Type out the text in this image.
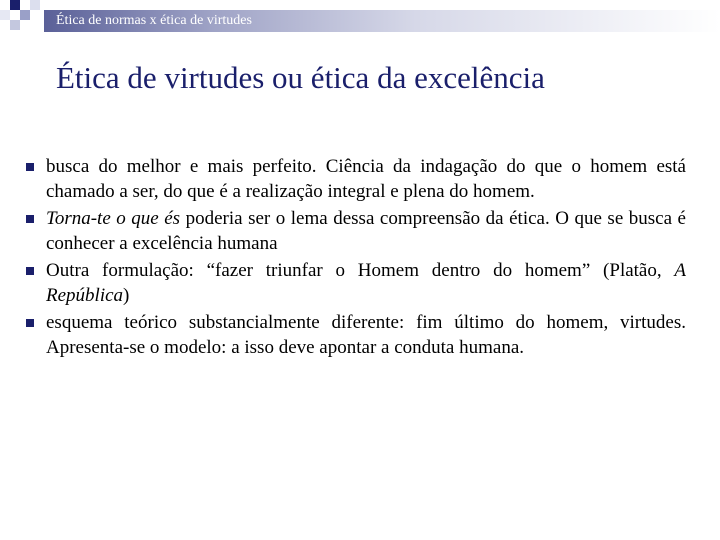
Ética de normas x ética de virtudes
Ética de virtudes ou ética da excelência
busca do melhor e mais perfeito. Ciência da indagação do que o homem está chamado a ser, do que é a realização integral e plena do homem.
Torna-te o que és poderia ser o lema dessa compreensão da ética. O que se busca é conhecer a excelência humana
Outra formulação: “fazer triunfar o Homem dentro do homem” (Platão, A República)
esquema teórico substancialmente diferente: fim último do homem, virtudes. Apresenta-se o modelo: a isso deve apontar a conduta humana.
